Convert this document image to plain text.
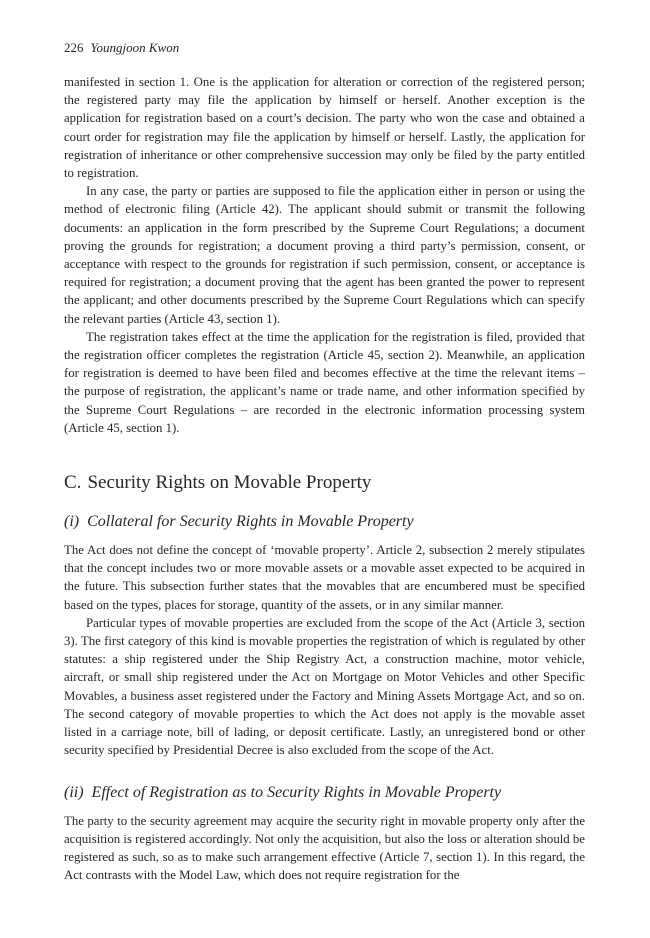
226 Youngjoon Kwon

manifested in section 1. One is the application for alteration or correction of the registered person; the registered party may file the application by himself or herself. Another exception is the application for registration based on a court’s decision. The party who won the case and obtained a court order for registration may file the application by himself or herself. Lastly, the application for registration of inheritance or other comprehensive succession may only be filed by the party entitled to registration.

In any case, the party or parties are supposed to file the application either in person or using the method of electronic filing (Article 42). The applicant should submit or transmit the following documents: an application in the form prescribed by the Supreme Court Regulations; a document proving the grounds for registration; a document proving a third party’s permission, consent, or acceptance with respect to the grounds for registration if such permission, consent, or acceptance is required for registration; a document proving that the agent has been granted the power to represent the applicant; and other documents prescribed by the Supreme Court Regulations which can specify the relevant parties (Article 43, section 1).

The registration takes effect at the time the application for the registration is filed, provided that the registration officer completes the registration (Article 45, section 2). Meanwhile, an application for registration is deemed to have been filed and becomes effective at the time the relevant items – the purpose of registration, the applicant’s name or trade name, and other information specified by the Supreme Court Regulations – are recorded in the electronic information processing system (Article 45, section 1).

C. Security Rights on Movable Property
(i) Collateral for Security Rights in Movable Property

The Act does not define the concept of ‘movable property’. Article 2, subsection 2 merely stipulates that the concept includes two or more movable assets or a movable asset expected to be acquired in the future. This subsection further states that the movables that are encumbered must be specified based on the types, places for storage, quantity of the assets, or in any similar manner.

Particular types of movable properties are excluded from the scope of the Act (Article 3, section 3). The first category of this kind is movable properties the registration of which is regulated by other statutes: a ship registered under the Ship Registry Act, a construction machine, motor vehicle, aircraft, or small ship registered under the Act on Mortgage on Motor Vehicles and other Specific Movables, a business asset registered under the Factory and Mining Assets Mortgage Act, and so on. The second category of movable properties to which the Act does not apply is the movable asset listed in a carriage note, bill of lading, or deposit certificate. Lastly, an unregistered bond or other security specified by Presidential Decree is also excluded from the scope of the Act.

(ii) Effect of Registration as to Security Rights in Movable Property

The party to the security agreement may acquire the security right in movable property only after the acquisition is registered accordingly. Not only the acquisition, but also the loss or alteration should be registered as such, so as to make such arrangement effective (Article 7, section 1). In this regard, the Act contrasts with the Model Law, which does not require registration for the
